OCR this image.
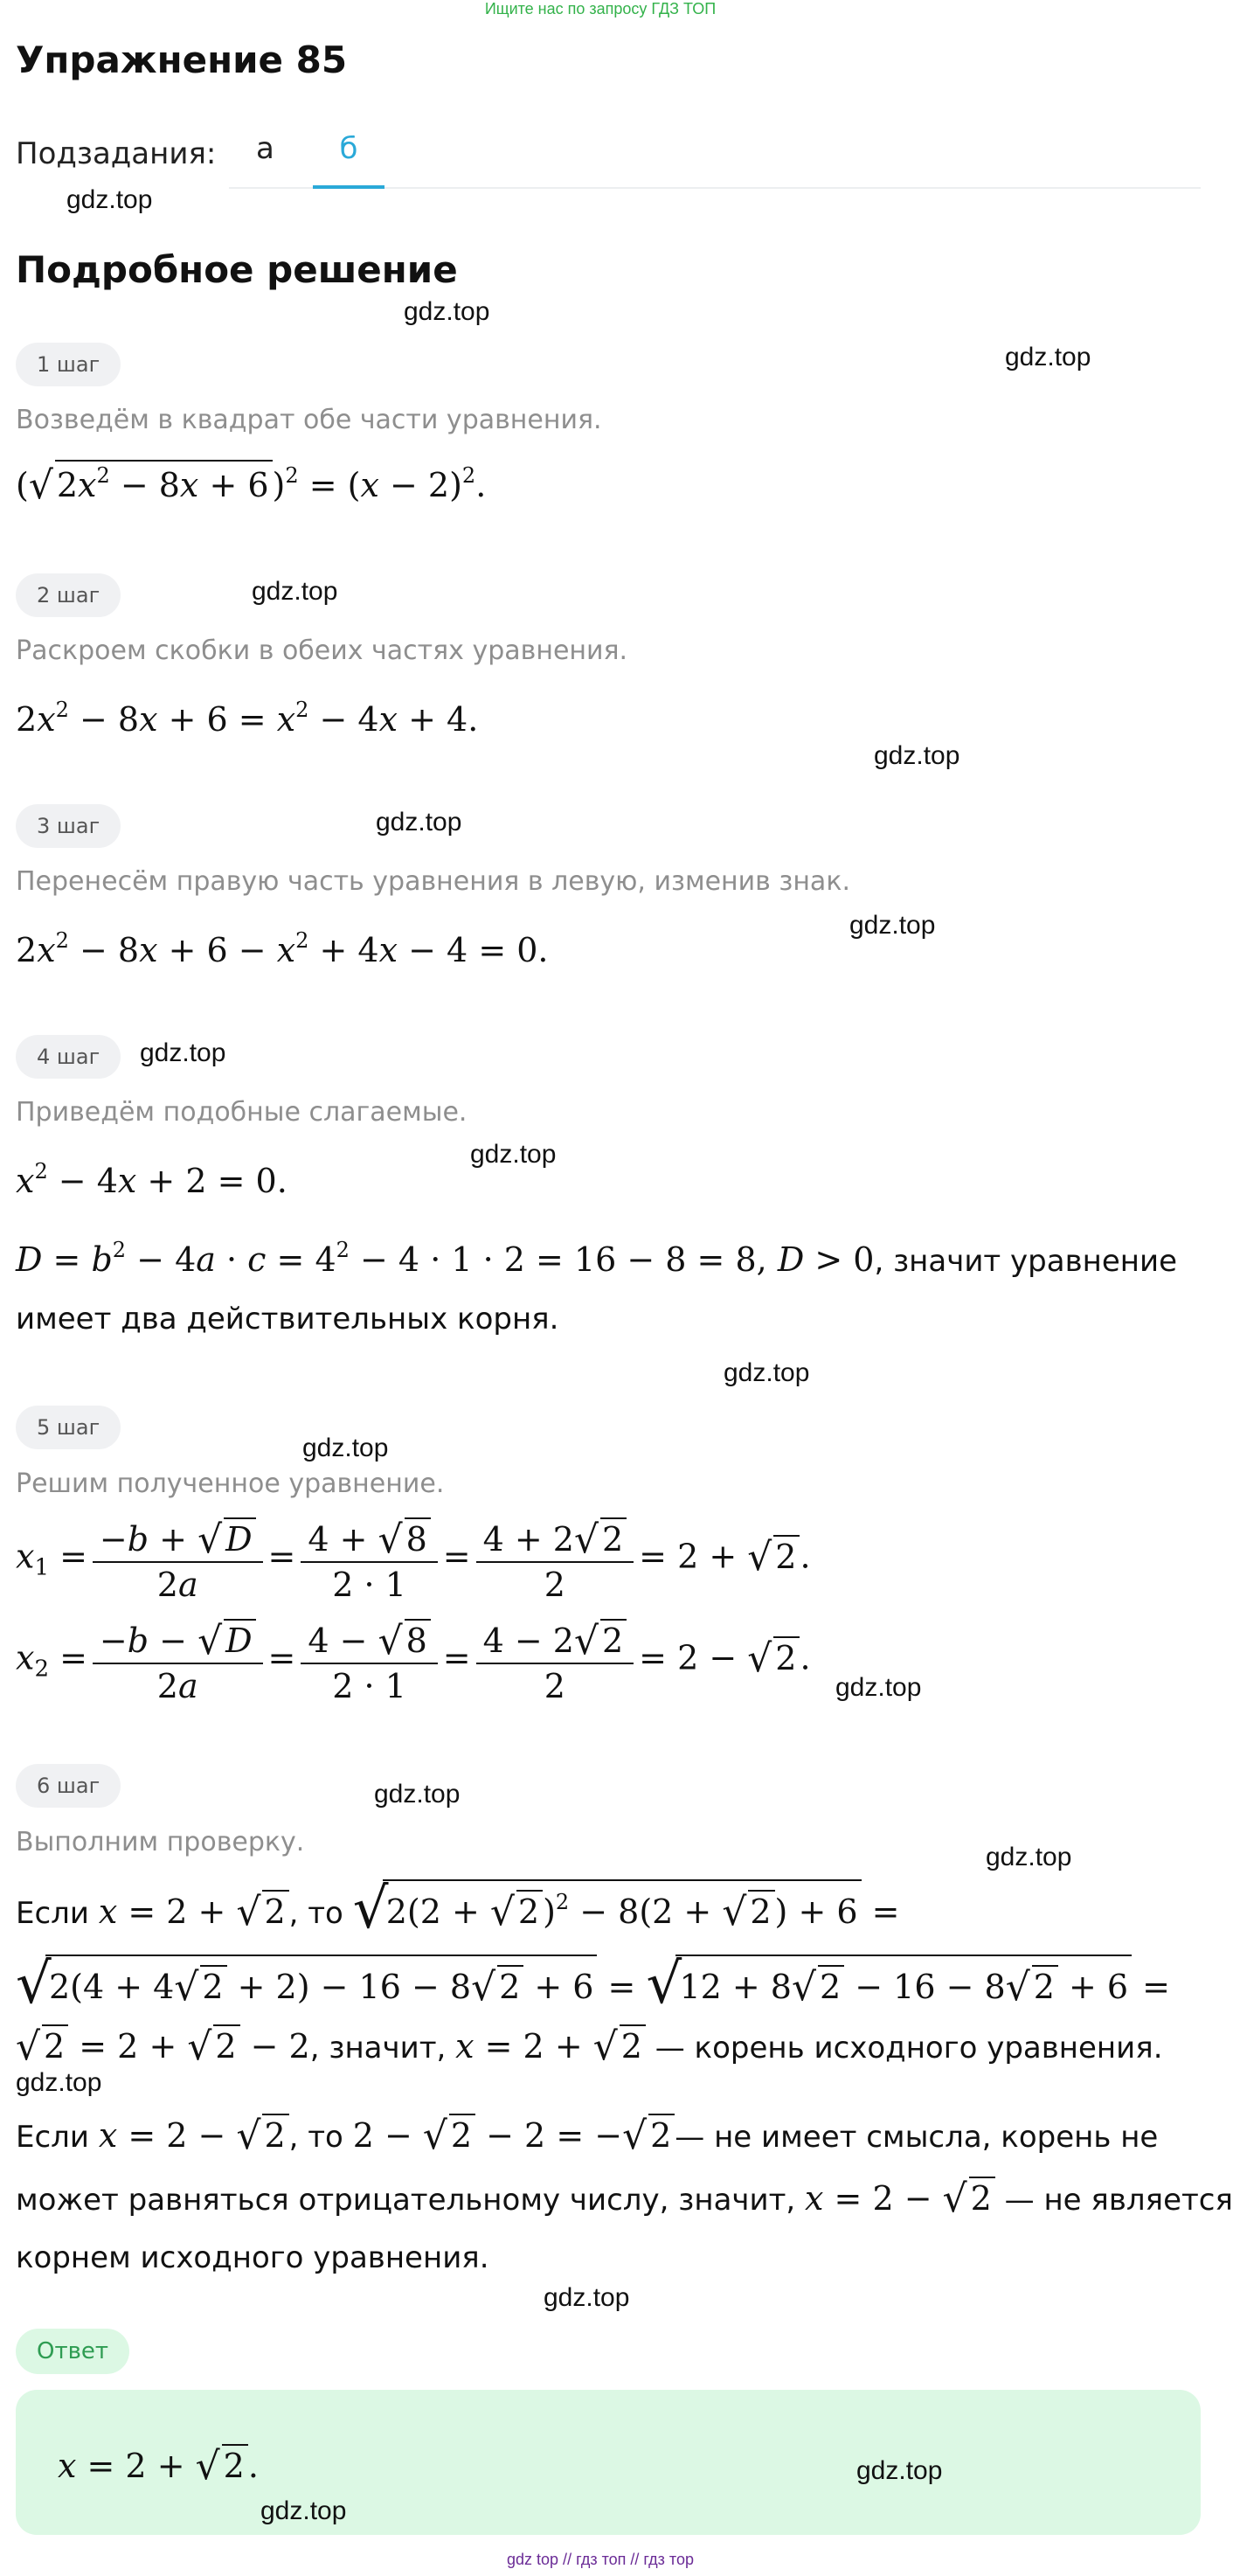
Ищите нас по запросу ГДЗ ТОП
Упражнение 85
Подзадания: а	б
Подробное решение
1 шаг
Возведём в квадрат обе части уравнения.
( √ $2x^2 - 8x + 6$ )$^2 = (x - 2)^2$.
2 шаг
Раскроем скобки в обеих частях уравнения.
$2x^2 - 8x + 6 = x^2 - 4x + 4$.
3 шаг
Перенесём правую часть уравнения в левую, изменив знак.
$2x^2 - 8x + 6 - x^2 + 4x - 4 = 0$.
4 шаг
Приведём подобные слагаемые.
$x^2 - 4x + 2 = 0$.
$D = b^2 - 4a \cdot c = 4^2 - 4 \cdot 1 \cdot 2 = 16 - 8 = 8$, D > 0, значит уравнение
имеет два действительных корня.
5 шаг
Решим полученное уравнение.
$x_1 = \frac{-b + √ D}{2a} = \frac{4 + √ 8}{2 \cdot 1} = \frac{4 + 2 √ 2}{2} = 2$ + √ 2 .
$x_2 = \frac{-b - √ D}{2a} = \frac{4 - √ 8}{2 \cdot 1} = \frac{4 - 2 √ 2}{2} = 2$ − √ 2 .
6 шаг
Выполним проверку.
Если x = 2 + √ 2 , то √ 2(2 + √ 2 )$^2$ − 8(2 + √ 2 ) + 6 =
√ 2(4 + 4 √ 2 + 2) − 16 − 8 √ 2 + 6 = √ 12 + 8 √ 2 − 16 − 8 √ 2 + 6 =
√ 2 = 2 + √ 2 − 2, значит, x = 2 + √ 2 — корень исходного уравнения.
Если x = 2 − √ 2 , то 2 − √ 2 − 2 = − √ 2 — не имеет смысла, корень не
может равняться отрицательному числу, значит, x = 2 − √ 2 — не является
корнем исходного уравнения.
Ответ
x = 2 + √ 2 .
gdz.top
gdz.top
gdz.top
gdz.top
gdz.top
gdz.top
gdz.top
gdz.top
gdz.top
gdz.top
gdz.top
gdz.top
gdz.top
gdz.top
gdz.top
gdz.top
gdz.top
gdz.top
gdz top // гдз топ // гдз тор
